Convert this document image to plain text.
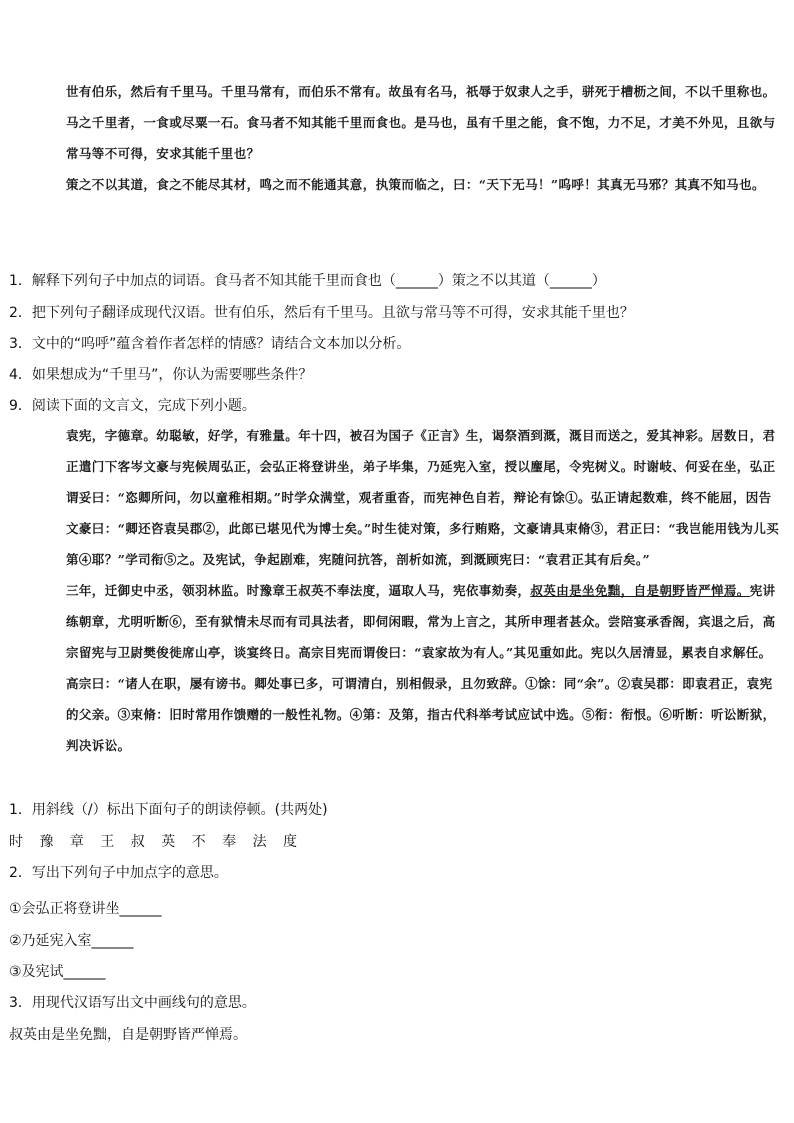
世有伯乐，然后有千里马。千里马常有，而伯乐不常有。故虽有名马，祇辱于奴隶人之手，骈死于槽枥之间，不以千里称也。

马之千里者，一食或尽粟一石。食马者不知其能千里而食也。是马也，虽有千里之能，食不饱，力不足，才美不外见，且欲与常马等不可得，安求其能千里也？

策之不以其道，食之不能尽其材，鸣之而不能通其意，执策而临之，曰：“天下无马！”呜呼！其真无马邪？其真不知马也。

1．解释下列句子中加点的词语。食马者不知其能千里而食也（______）策之不以其道（______）
2．把下列句子翻译成现代汉语。世有伯乐，然后有千里马。且欲与常马等不可得，安求其能千里也？
3．文中的“呜呼”蕴含着作者怎样的情感？请结合文本加以分析。
4．如果想成为“千里马”，你认为需要哪些条件？
9．阅读下面的文言文，完成下列小题。

袁宪，字德章。幼聪敏，好学，有雅量。年十四，被召为国子《正言》生，谒祭酒到溉，溉目而送之，爱其神彩。居数日，君正遣门下客岑文豪与宪候周弘正，会弘正将登讲坐，弟子毕集，乃延宪入室，授以麈尾，令宪树义。时谢岐、何妥在坐，弘正谓妥曰：“恣卿所问，勿以童稚相期。”时学众满堂，观者重沓，而宪神色自若，辩论有馀①。弘正请起数难，终不能屈，因告文豪曰：“卿还咨袁吴郡②，此郎已堪见代为博士矣。”时生徒对策，多行贿赂，文豪请具束脩③，君正曰：“我岂能用钱为儿买第④耶？”学司衔⑤之。及宪试，争起剧难，宪随问抗答，剖析如流，到溉顾宪曰：“袁君正其有后矣。”

三年，迁御史中丞，领羽林监。时豫章王叔英不奉法度，逼取人马，宪依事劾奏，叔英由是坐免黜，自是朝野皆严惮焉。宪讲练朝章，尤明听断⑥，至有狱情未尽而有司具法者，即伺闲暇，常为上言之，其所申理者甚众。尝陪宴承香阁，宾退之后，高宗留宪与卫尉樊俊徙席山亭，谈宴终日。高宗目宪而谓俊曰：“袁家故为有人。”其见重如此。宪以久居清显，累表自求解任。高宗曰：“诸人在职，屡有谤书。卿处事已多，可谓清白，别相假录，且勿致辞。①馀：同“余”。②袁吴郡：即袁君正，袁宪的父亲。③束脩：旧时常用作馈赠的一般性礼物。④第：及第，指古代科举考试应试中选。⑤衔：衔恨。⑥听断：听讼断狱，判决诉讼。

1．用斜线（/）标出下面句子的朗读停顿。(共两处)
时 豫 章 王 叔 英 不 奉 法 度
2．写出下列句子中加点字的意思。
①会弘正将登讲坐______
②乃延宪入室______
③及宪试______
3．用现代汉语写出文中画线句的意思。
叔英由是坐免黜，自是朝野皆严惮焉。
